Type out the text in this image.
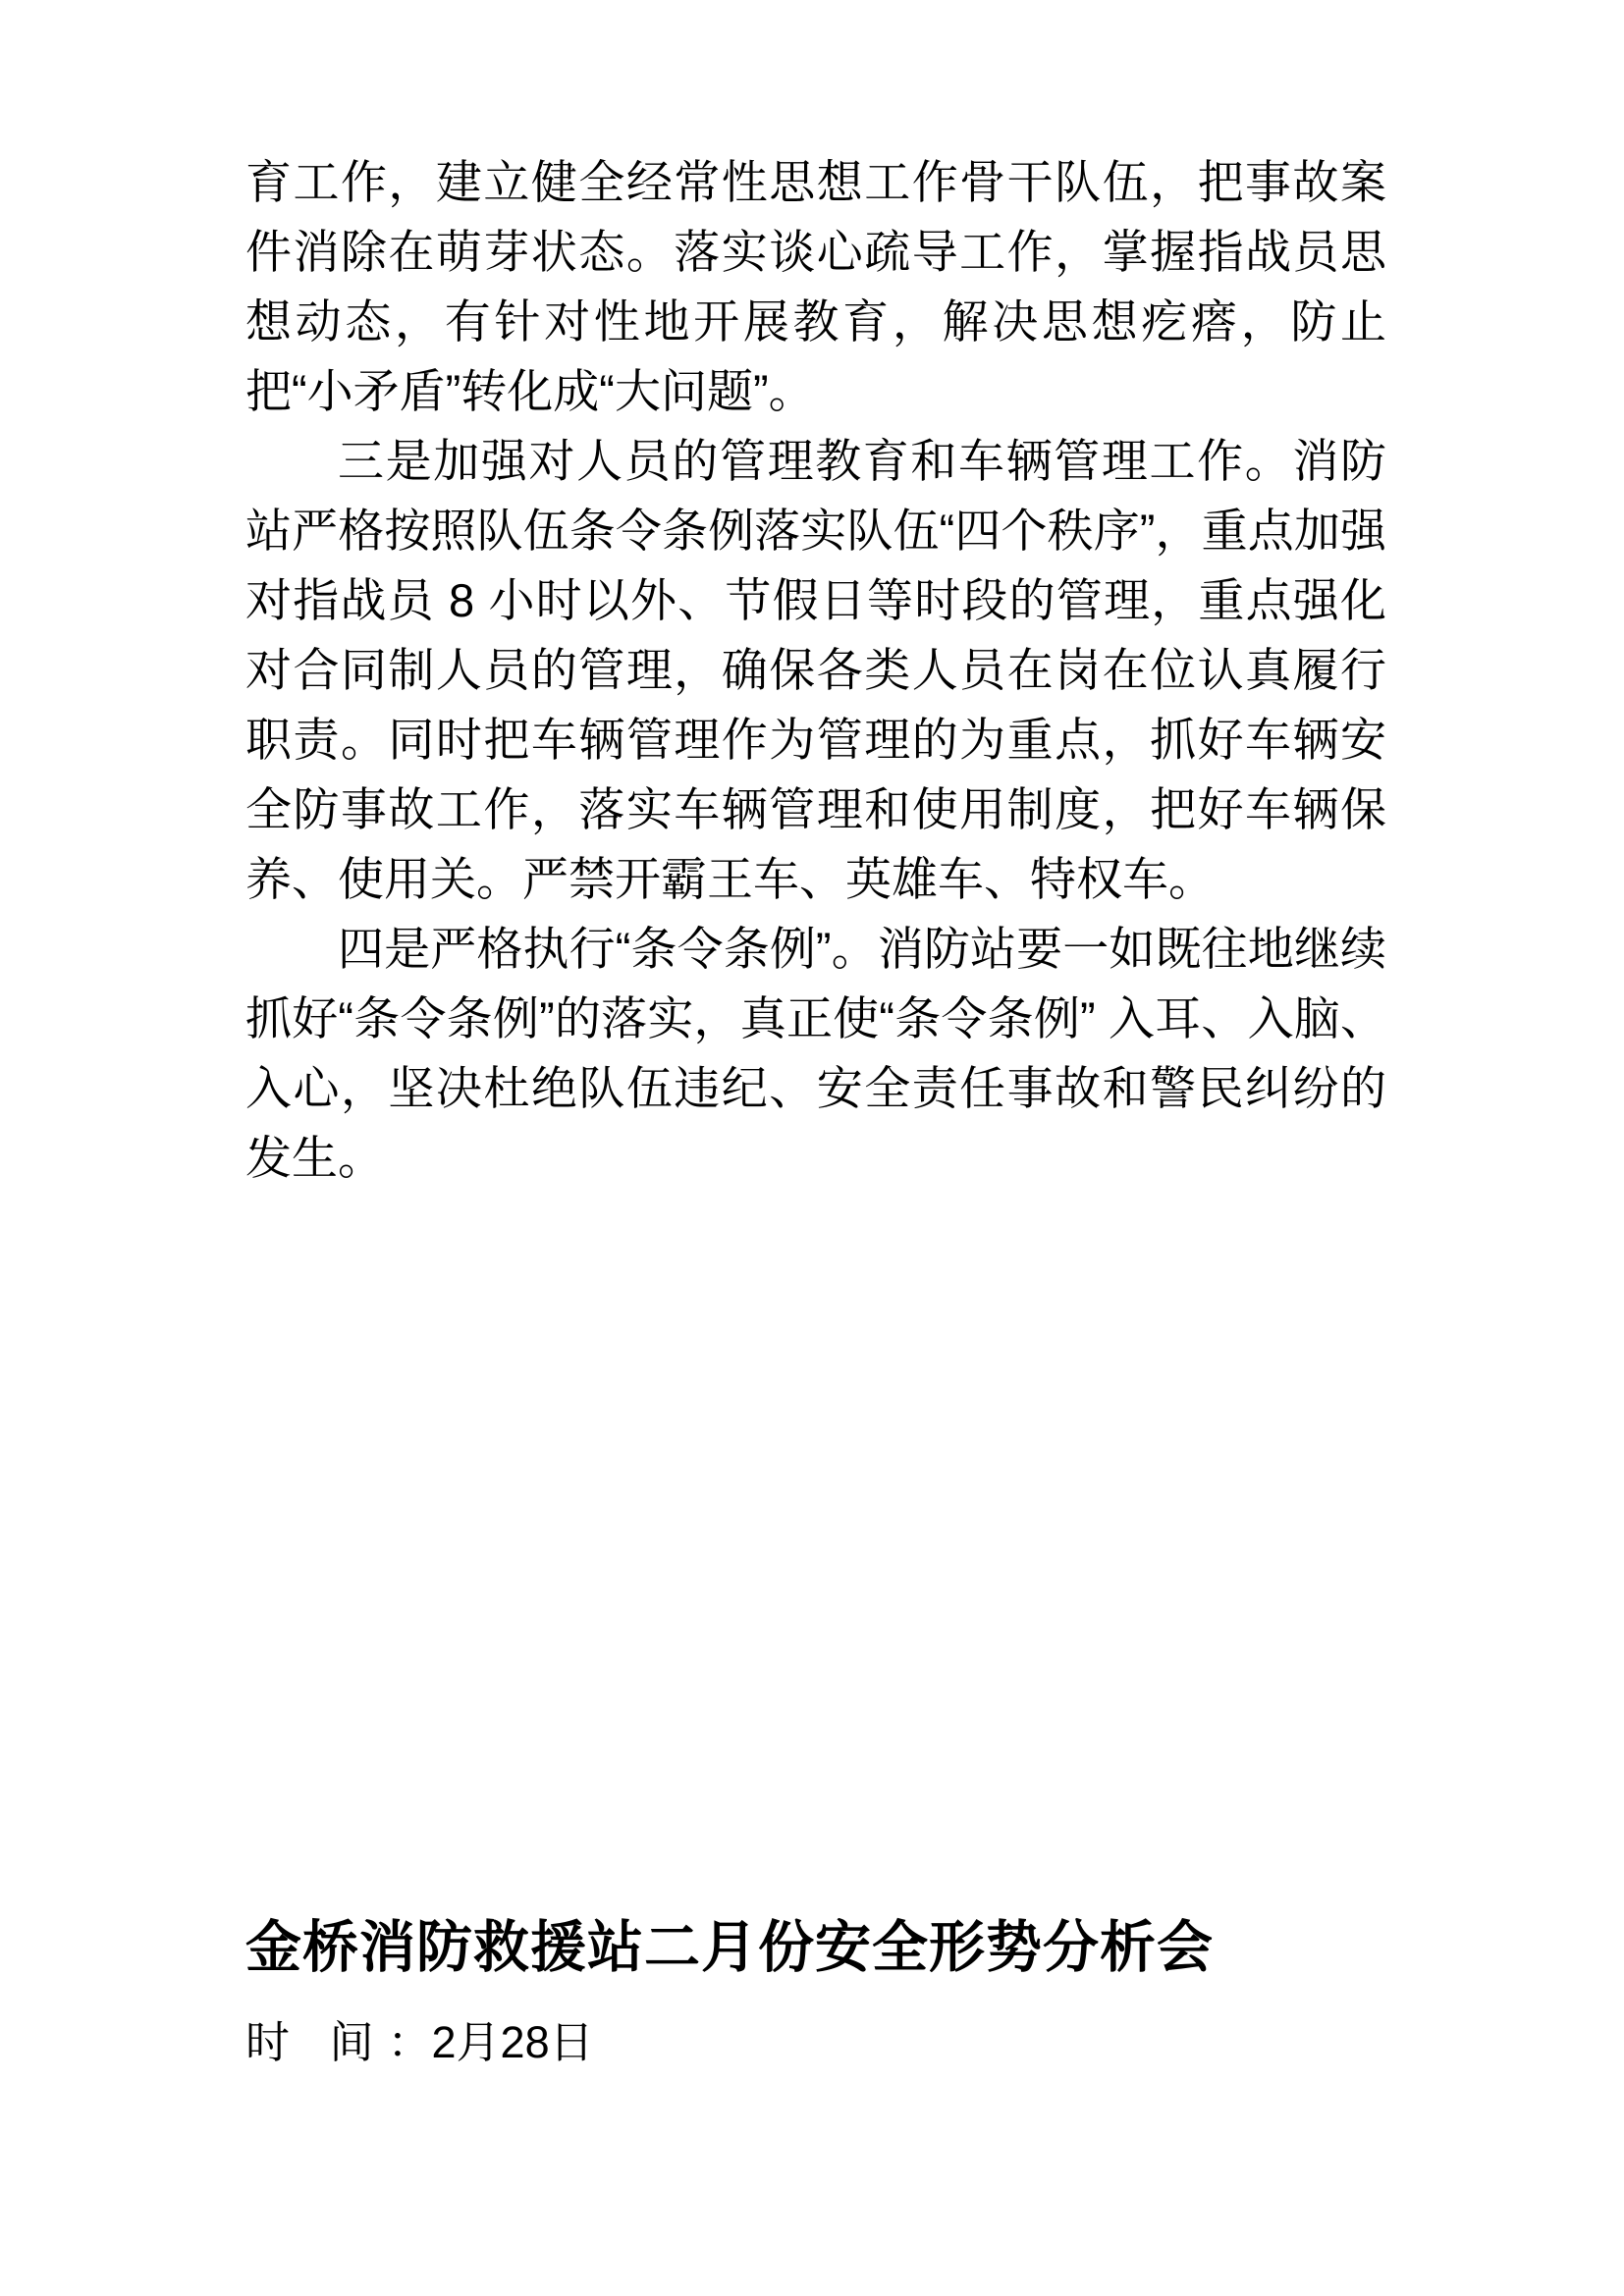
育工作，建立健全经常性思想工作骨干队伍，把事故案件消除在萌芽状态。落实谈心疏导工作，掌握指战员思想动态，有针对性地开展教育，解决思想疙瘩，防止把“小矛盾”转化成“大问题”。

三是加强对人员的管理教育和车辆管理工作。消防站严格按照队伍条令条例落实队伍“四个秩序”，重点加强对指战员 8 小时以外、节假日等时段的管理，重点强化对合同制人员的管理，确保各类人员在岗在位认真履行职责。同时把车辆管理作为管理的为重点，抓好车辆安全防事故工作，落实车辆管理和使用制度，把好车辆保养、使用关。严禁开霸王车、英雄车、特权车。

四是严格执行“条令条例”。消防站要一如既往地继续抓好“条令条例”的落实，真正使“条令条例” 入耳、入脑、入心，坚决杜绝队伍违纪、安全责任事故和警民纠纷的发生。

金桥消防救援站二月份安全形势分析会
时 间：2月28日
